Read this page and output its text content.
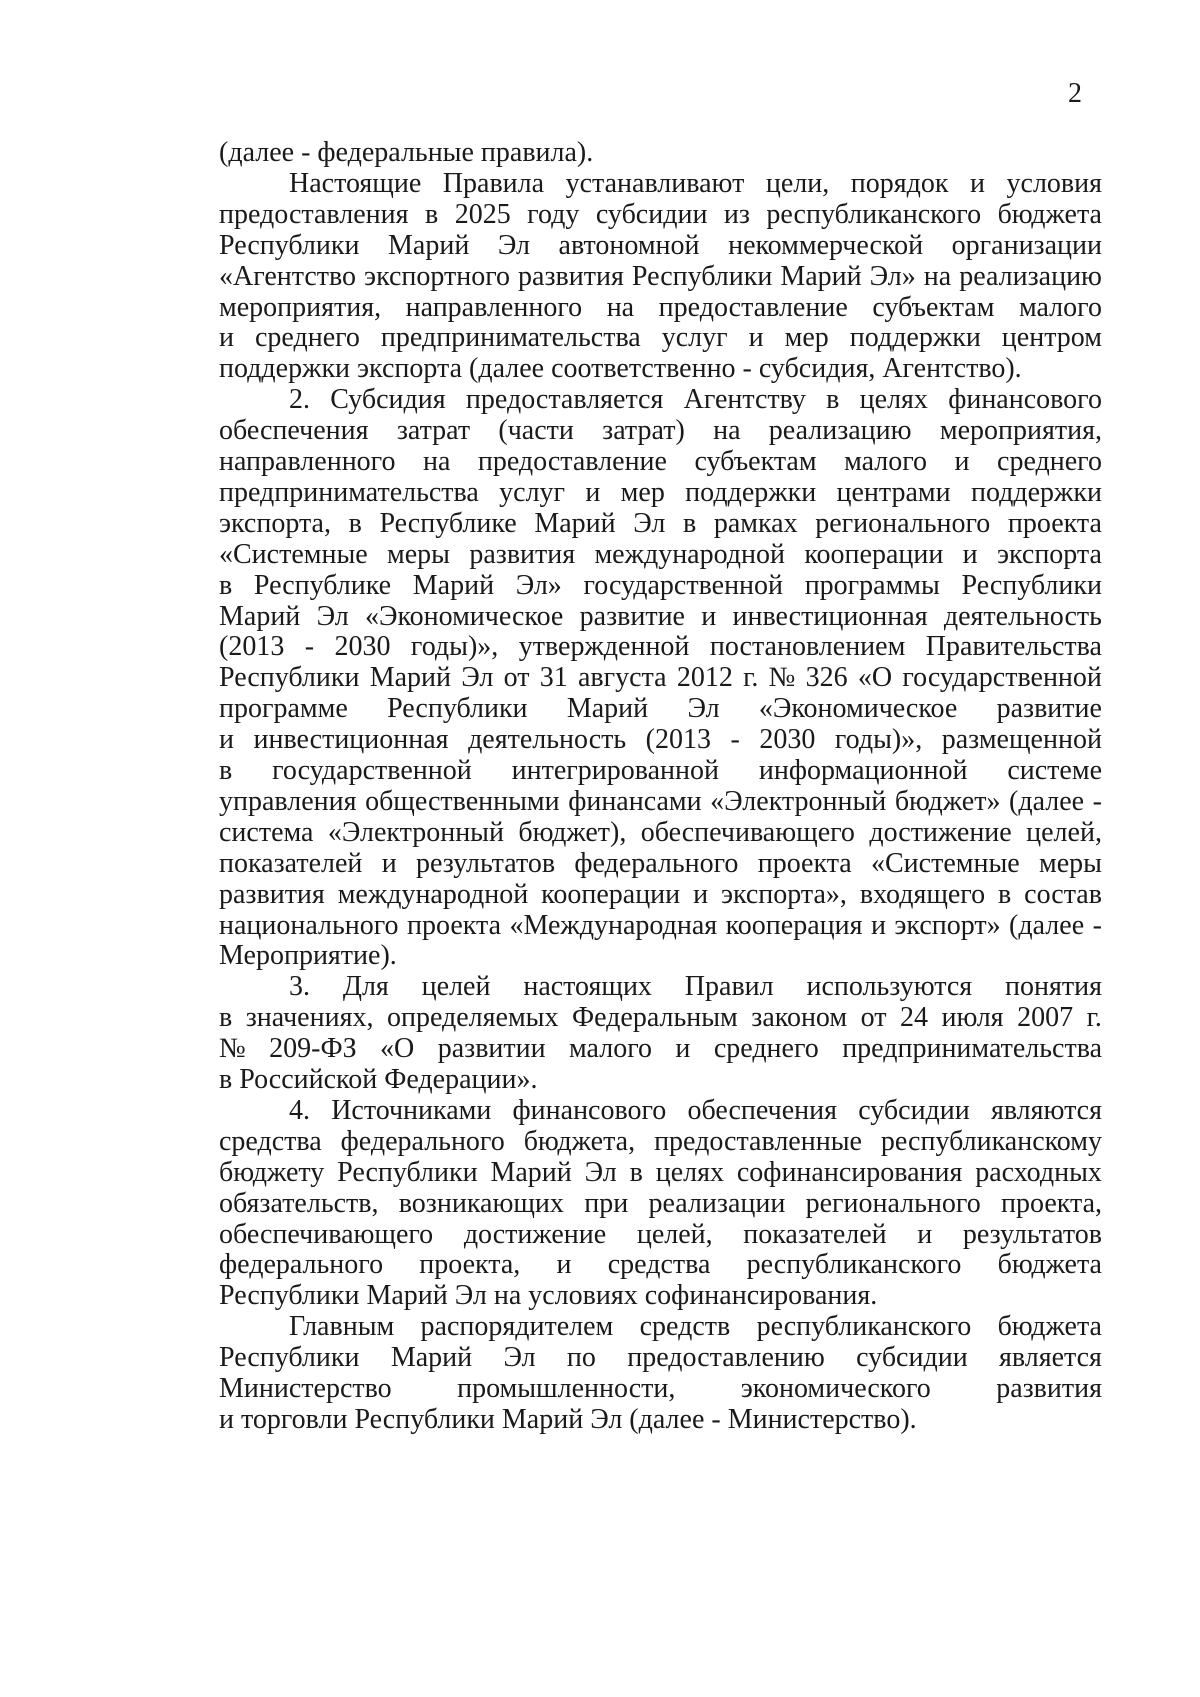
2
(далее - федеральные правила).
Настоящие Правила устанавливают цели, порядок и условия
предоставления в 2025 году субсидии из республиканского бюджета
Республики Марий Эл автономной некоммерческой организации
«Агентство экспортного развития Республики Марий Эл» на реализацию
мероприятия, направленного на предоставление субъектам малого
и среднего предпринимательства услуг и мер поддержки центром
поддержки экспорта (далее соответственно - субсидия, Агентство).
2. Субсидия предоставляется Агентству в целях финансового
обеспечения затрат (части затрат) на реализацию мероприятия,
направленного на предоставление субъектам малого и среднего
предпринимательства услуг и мер поддержки центрами поддержки
экспорта, в Республике Марий Эл в рамках регионального проекта
«Системные меры развития международной кооперации и экспорта
в Республике Марий Эл» государственной программы Республики
Марий Эл «Экономическое развитие и инвестиционная деятельность
(2013 - 2030 годы)», утвержденной постановлением Правительства
Республики Марий Эл от 31 августа 2012 г. № 326 «О государственной
программе Республики Марий Эл «Экономическое развитие
и инвестиционная деятельность (2013 - 2030 годы)», размещенной
в государственной интегрированной информационной системе
управления общественными финансами «Электронный бюджет» (далее -
система «Электронный бюджет), обеспечивающего достижение целей,
показателей и результатов федерального проекта «Системные меры
развития международной кооперации и экспорта», входящего в состав
национального проекта «Международная кооперация и экспорт» (далее -
Мероприятие).
3. Для целей настоящих Правил используются понятия
в значениях, определяемых Федеральным законом от 24 июля 2007 г.
№ 209-ФЗ «О развитии малого и среднего предпринимательства
в Российской Федерации».
4. Источниками финансового обеспечения субсидии являются
средства федерального бюджета, предоставленные республиканскому
бюджету Республики Марий Эл в целях софинансирования расходных
обязательств, возникающих при реализации регионального проекта,
обеспечивающего достижение целей, показателей и результатов
федерального проекта, и средства республиканского бюджета
Республики Марий Эл на условиях софинансирования.
Главным распорядителем средств республиканского бюджета
Республики Марий Эл по предоставлению субсидии является
Министерство промышленности, экономического развития
и торговли Республики Марий Эл (далее - Министерство).
